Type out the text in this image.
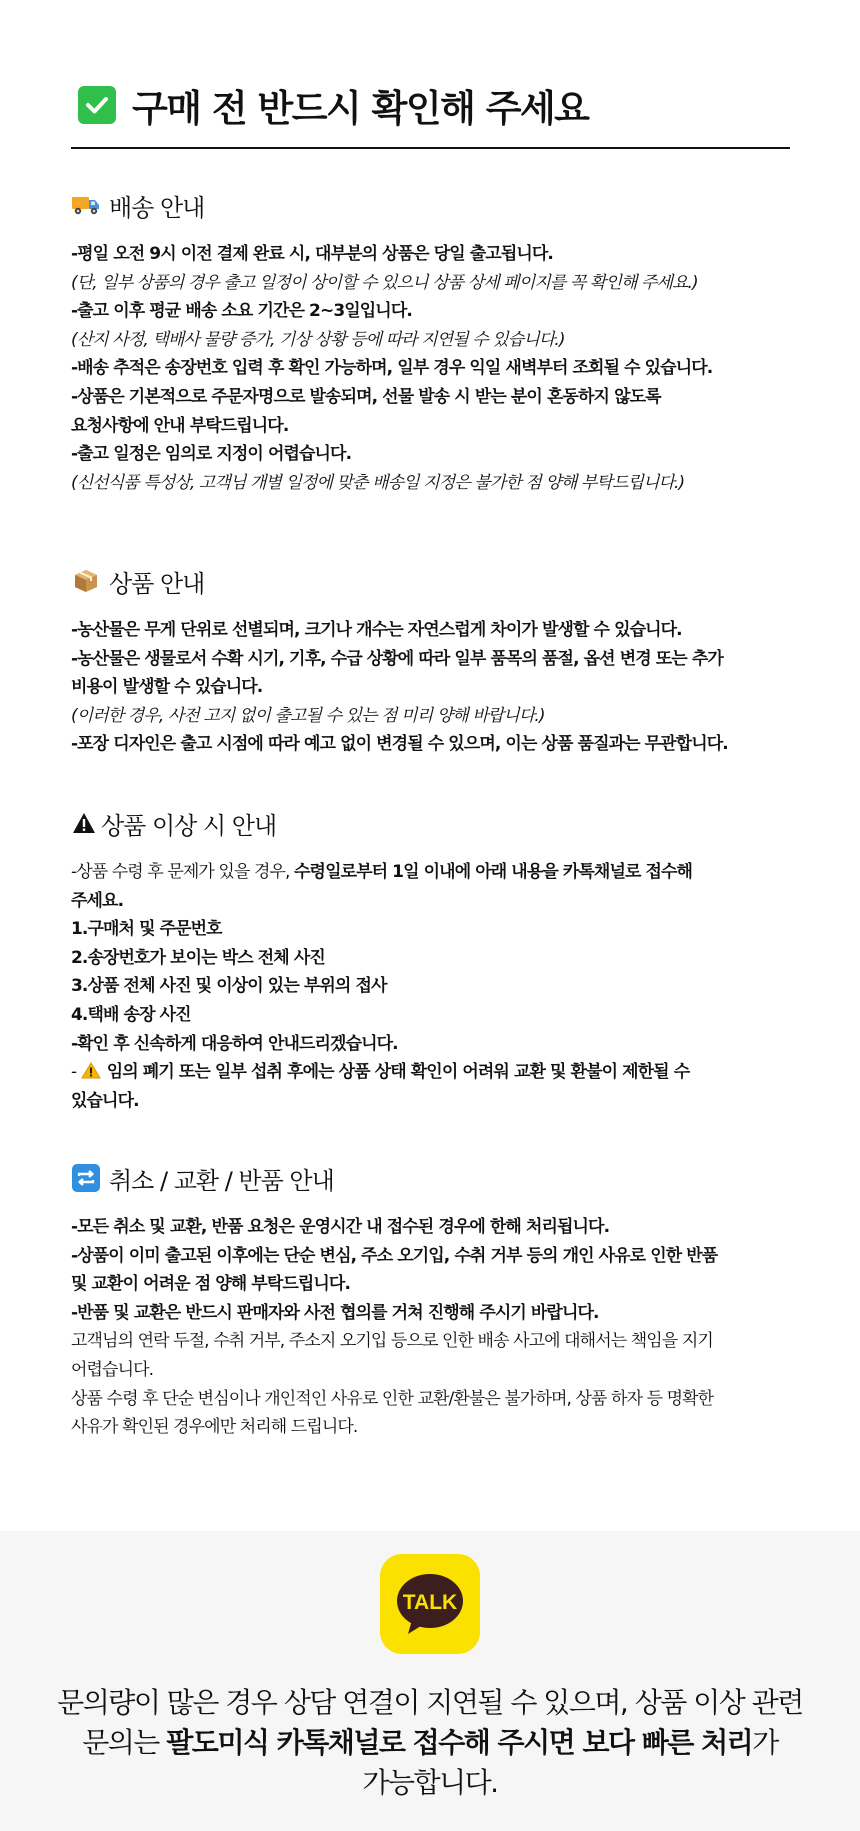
구매 전 반드시 확인해 주세요
배송 안내
-평일 오전 9시 이전 결제 완료 시, 대부분의 상품은 당일 출고됩니다.
(단, 일부 상품의 경우 출고 일정이 상이할 수 있으니 상품 상세 페이지를 꼭 확인해 주세요.)
-출고 이후 평균 배송 소요 기간은 2~3일입니다.
(산지 사정, 택배사 물량 증가, 기상 상황 등에 따라 지연될 수 있습니다.)
-배송 추적은 송장번호 입력 후 확인 가능하며, 일부 경우 익일 새벽부터 조회될 수 있습니다.
-상품은 기본적으로 주문자명으로 발송되며, 선물 발송 시 받는 분이 혼동하지 않도록
요청사항에 안내 부탁드립니다.
-출고 일정은 임의로 지정이 어렵습니다.
(신선식품 특성상, 고객님 개별 일정에 맞춘 배송일 지정은 불가한 점 양해 부탁드립니다.)
상품 안내
-농산물은 무게 단위로 선별되며, 크기나 개수는 자연스럽게 차이가 발생할 수 있습니다.
-농산물은 생물로서 수확 시기, 기후, 수급 상황에 따라 일부 품목의 품절, 옵션 변경 또는 추가
비용이 발생할 수 있습니다.
(이러한 경우, 사전 고지 없이 출고될 수 있는 점 미리 양해 바랍니다.)
-포장 디자인은 출고 시점에 따라 예고 없이 변경될 수 있으며, 이는 상품 품질과는 무관합니다.
상품 이상 시 안내
-상품 수령 후 문제가 있을 경우, 수령일로부터 1일 이내에 아래 내용을 카톡채널로 접수해
주세요.
1.구매처 및 주문번호
2.송장번호가 보이는 박스 전체 사진
3.상품 전체 사진 및 이상이 있는 부위의 접사
4.택배 송장 사진
-확인 후 신속하게 대응하여 안내드리겠습니다.
- 임의 폐기 또는 일부 섭취 후에는 상품 상태 확인이 어려워 교환 및 환불이 제한될 수
있습니다.
취소 / 교환 / 반품 안내
-모든 취소 및 교환, 반품 요청은 운영시간 내 접수된 경우에 한해 처리됩니다.
-상품이 이미 출고된 이후에는 단순 변심, 주소 오기입, 수취 거부 등의 개인 사유로 인한 반품
및 교환이 어려운 점 양해 부탁드립니다.
-반품 및 교환은 반드시 판매자와 사전 협의를 거쳐 진행해 주시기 바랍니다.
고객님의 연락 두절, 수취 거부, 주소지 오기입 등으로 인한 배송 사고에 대해서는 책임을 지기
어렵습니다.
상품 수령 후 단순 변심이나 개인적인 사유로 인한 교환/환불은 불가하며, 상품 하자 등 명확한
사유가 확인된 경우에만 처리해 드립니다.
TALK
문의량이 많은 경우 상담 연결이 지연될 수 있으며, 상품 이상 관련
문의는 팔도미식 카톡채널로 접수해 주시면 보다 빠른 처리가
가능합니다.
